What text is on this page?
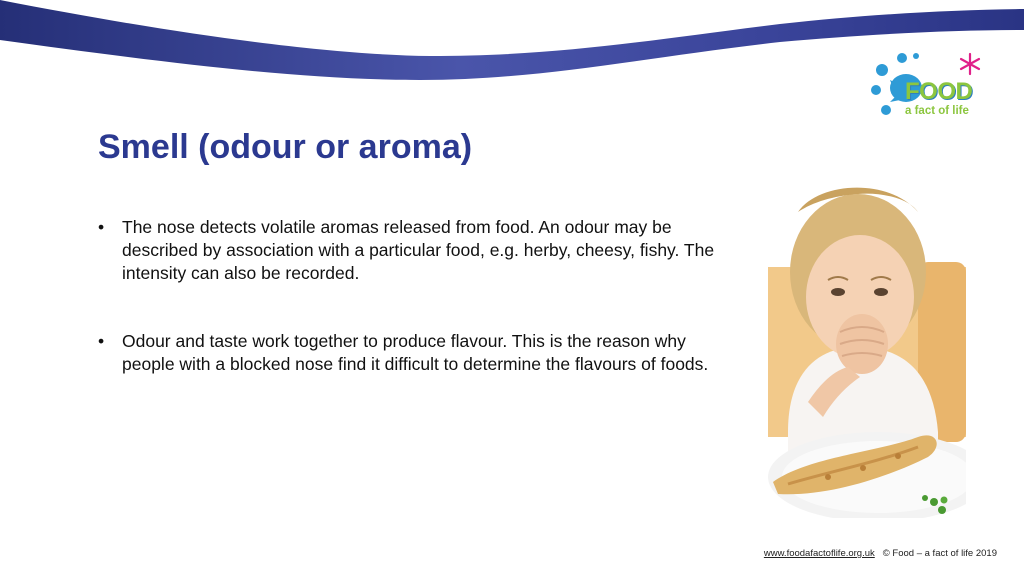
FOOD
a fact of life
Smell (odour or aroma)
• The nose detects volatile aromas released from food. An odour may be described by association with a particular food, e.g. herby, cheesy, fishy. The intensity can also be recorded.
• Odour and taste work together to produce flavour. This is the reason why people with a blocked nose find it difficult to determine the flavours of foods.
www.foodafactoflife.org.uk © Food – a fact of life 2019
